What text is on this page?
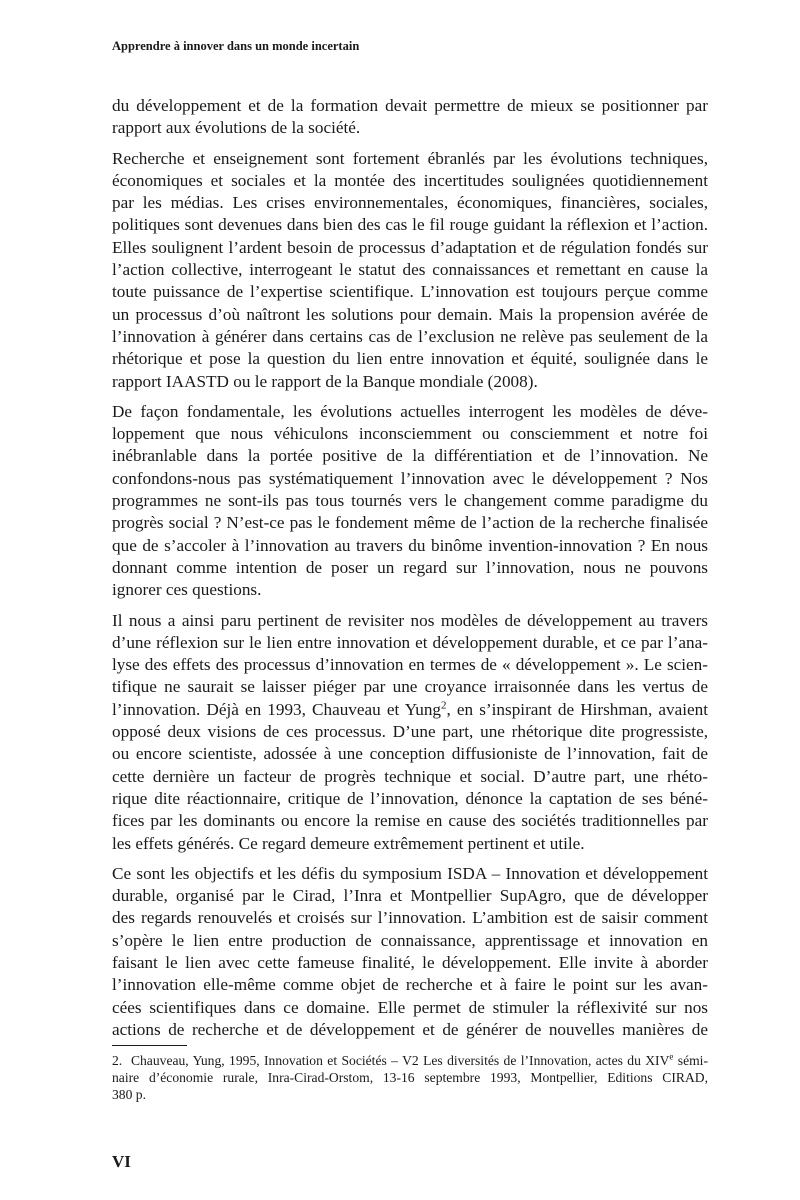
Apprendre à innover dans un monde incertain

du développement et de la formation devait permettre de mieux se positionner par
rapport aux évolutions de la société.

Recherche et enseignement sont fortement ébranlés par les évolutions techniques,
économiques et sociales et la montée des incertitudes soulignées quotidiennement
par les médias. Les crises environnementales, économiques, financières, sociales,
politiques sont devenues dans bien des cas le fil rouge guidant la réflexion et l’action.
Elles soulignent l’ardent besoin de processus d’adaptation et de régulation fondés sur
l’action collective, interrogeant le statut des connaissances et remettant en cause la
toute puissance de l’expertise scientifique. L’innovation est toujours perçue comme
un processus d’où naîtront les solutions pour demain. Mais la propension avérée de
l’innovation à générer dans certains cas de l’exclusion ne relève pas seulement de la
rhétorique et pose la question du lien entre innovation et équité, soulignée dans le
rapport IAASTD ou le rapport de la Banque mondiale (2008).

De façon fondamentale, les évolutions actuelles interrogent les modèles de déve-
loppement que nous véhiculons inconsciemment ou consciemment et notre foi
inébranlable dans la portée positive de la différentiation et de l’innovation. Ne
confondons-nous pas systématiquement l’innovation avec le développement ? Nos
programmes ne sont-ils pas tous tournés vers le changement comme paradigme du
progrès social ? N’est-ce pas le fondement même de l’action de la recherche finalisée
que de s’accoler à l’innovation au travers du binôme invention-innovation ? En nous
donnant comme intention de poser un regard sur l’innovation, nous ne pouvons
ignorer ces questions.

Il nous a ainsi paru pertinent de revisiter nos modèles de développement au travers
d’une réflexion sur le lien entre innovation et développement durable, et ce par l’ana-
lyse des effets des processus d’innovation en termes de « développement ». Le scien-
tifique ne saurait se laisser piéger par une croyance irraisonnée dans les vertus de
l’innovation. Déjà en 1993, Chauveau et Yung$^2$, en s’inspirant de Hirshman, avaient
opposé deux visions de ces processus. D’une part, une rhétorique dite progressiste,
ou encore scientiste, adossée à une conception diffusioniste de l’innovation, fait de
cette dernière un facteur de progrès technique et social. D’autre part, une rhéto-
rique dite réactionnaire, critique de l’innovation, dénonce la captation de ses béné-
fices par les dominants ou encore la remise en cause des sociétés traditionnelles par
les effets générés. Ce regard demeure extrêmement pertinent et utile.

Ce sont les objectifs et les défis du symposium ISDA – Innovation et développement
durable, organisé par le Cirad, l’Inra et Montpellier SupAgro, que de développer
des regards renouvelés et croisés sur l’innovation. L’ambition est de saisir comment
s’opère le lien entre production de connaissance, apprentissage et innovation en
faisant le lien avec cette fameuse finalité, le développement. Elle invite à aborder
l’innovation elle-même comme objet de recherche et à faire le point sur les avan-
cées scientifiques dans ce domaine. Elle permet de stimuler la réflexivité sur nos
actions de recherche et de développement et de générer de nouvelles manières de

2.  Chauveau, Yung, 1995, Innovation et Sociétés – V2 Les diversités de l’Innovation, actes du XIVe sémi-
naire d’économie rurale, Inra-Cirad-Orstom, 13-16 septembre 1993, Montpellier, Editions CIRAD,
380 p.
VI
